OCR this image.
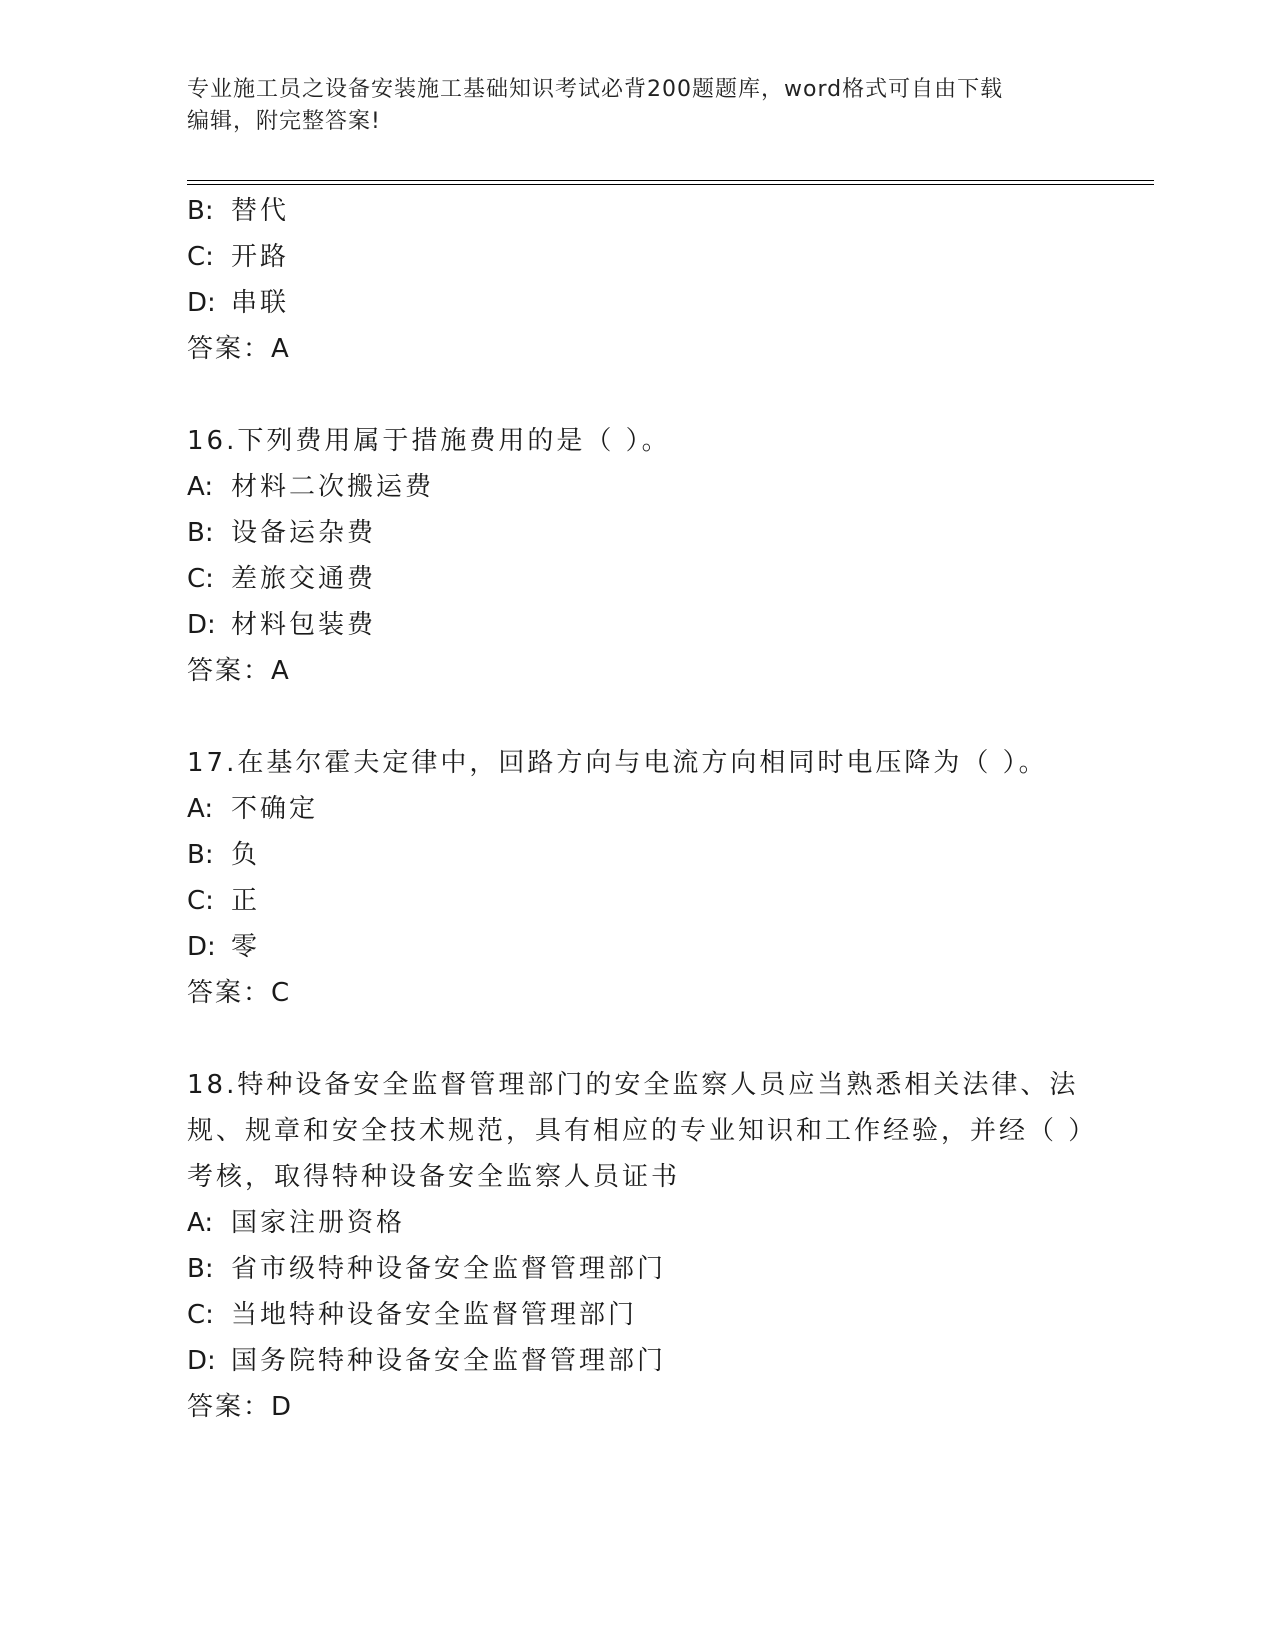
专业施工员之设备安装施工基础知识考试必背200题题库，word格式可自由下载
编辑，附完整答案!
B: 替代
C: 开路
D: 串联
答案：A
16.下列费用属于措施费用的是（ ）。
A: 材料二次搬运费
B: 设备运杂费
C: 差旅交通费
D: 材料包装费
答案：A
17.在基尔霍夫定律中，回路方向与电流方向相同时电压降为（ ）。
A: 不确定
B: 负
C: 正
D: 零
答案：C
18.特种设备安全监督管理部门的安全监察人员应当熟悉相关法律、法规、规章和安全技术规范，具有相应的专业知识和工作经验，并经（ ）考核，取得特种设备安全监察人员证书
A: 国家注册资格
B: 省市级特种设备安全监督管理部门
C: 当地特种设备安全监督管理部门
D: 国务院特种设备安全监督管理部门
答案：D
